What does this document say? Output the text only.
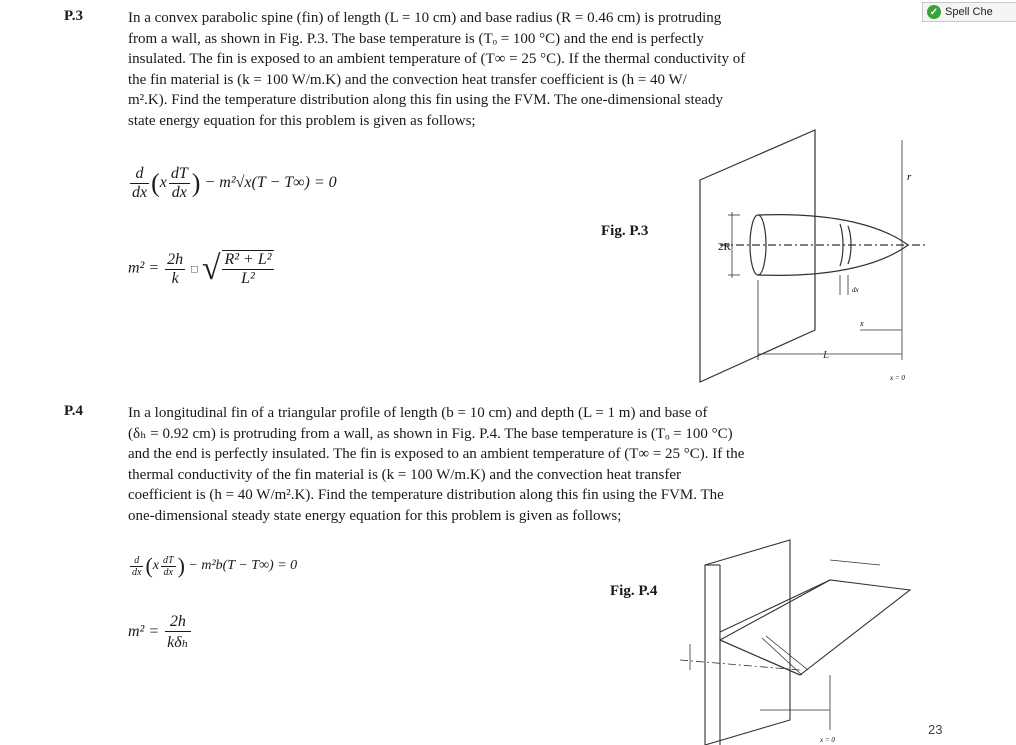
✓ Spell Che
P.3	In a convex parabolic spine (fin) of length (L = 10 cm) and base radius (R = 0.46 cm) is protruding
from a wall, as shown in Fig. P.3. The base temperature is (Tₒ = 100 °C) and the end is perfectly
insulated. The fin is exposed to an ambient temperature of (T∞ = 25 °C). If the thermal conductivity of
the fin material is (k = 100 W/m.K) and the convection heat transfer coefficient is (h = 40 W/
m².K). Find the temperature distribution along this fin using the FVM. The one-dimensional steady
state energy equation for this problem is given as follows;
$\frac{d}{dx} (x \frac{dT}{dx}$ ) − m²√x(T − T∞) = 0
$m^2 = \frac{2h}{k}$ □ √ $\frac{\text{R² + L²}}{\text{L²}}$
Fig. P.3
r
2R
dx
x
L
x = 0
P.4	In a longitudinal fin of a triangular profile of length (b = 10 cm) and depth (L = 1 m) and base of
(δₕ = 0.92 cm) is protruding from a wall, as shown in Fig. P.4. The base temperature is (Tₒ = 100 °C)
and the end is perfectly insulated. The fin is exposed to an ambient temperature of (T∞ = 25 °C). If the
thermal conductivity of the fin material is (k = 100 W/m.K) and the convection heat transfer
coefficient is (h = 40 W/m².K). Find the temperature distribution along this fin using the FVM. The
one-dimensional steady state energy equation for this problem is given as follows;
$\frac{d}{dx} (x \frac{dT}{dx}$ ) − m²b(T − T∞) = 0
$m^2 = \frac{2h}{\text{kδₕ}}$
Fig. P.4
x = 0
23
